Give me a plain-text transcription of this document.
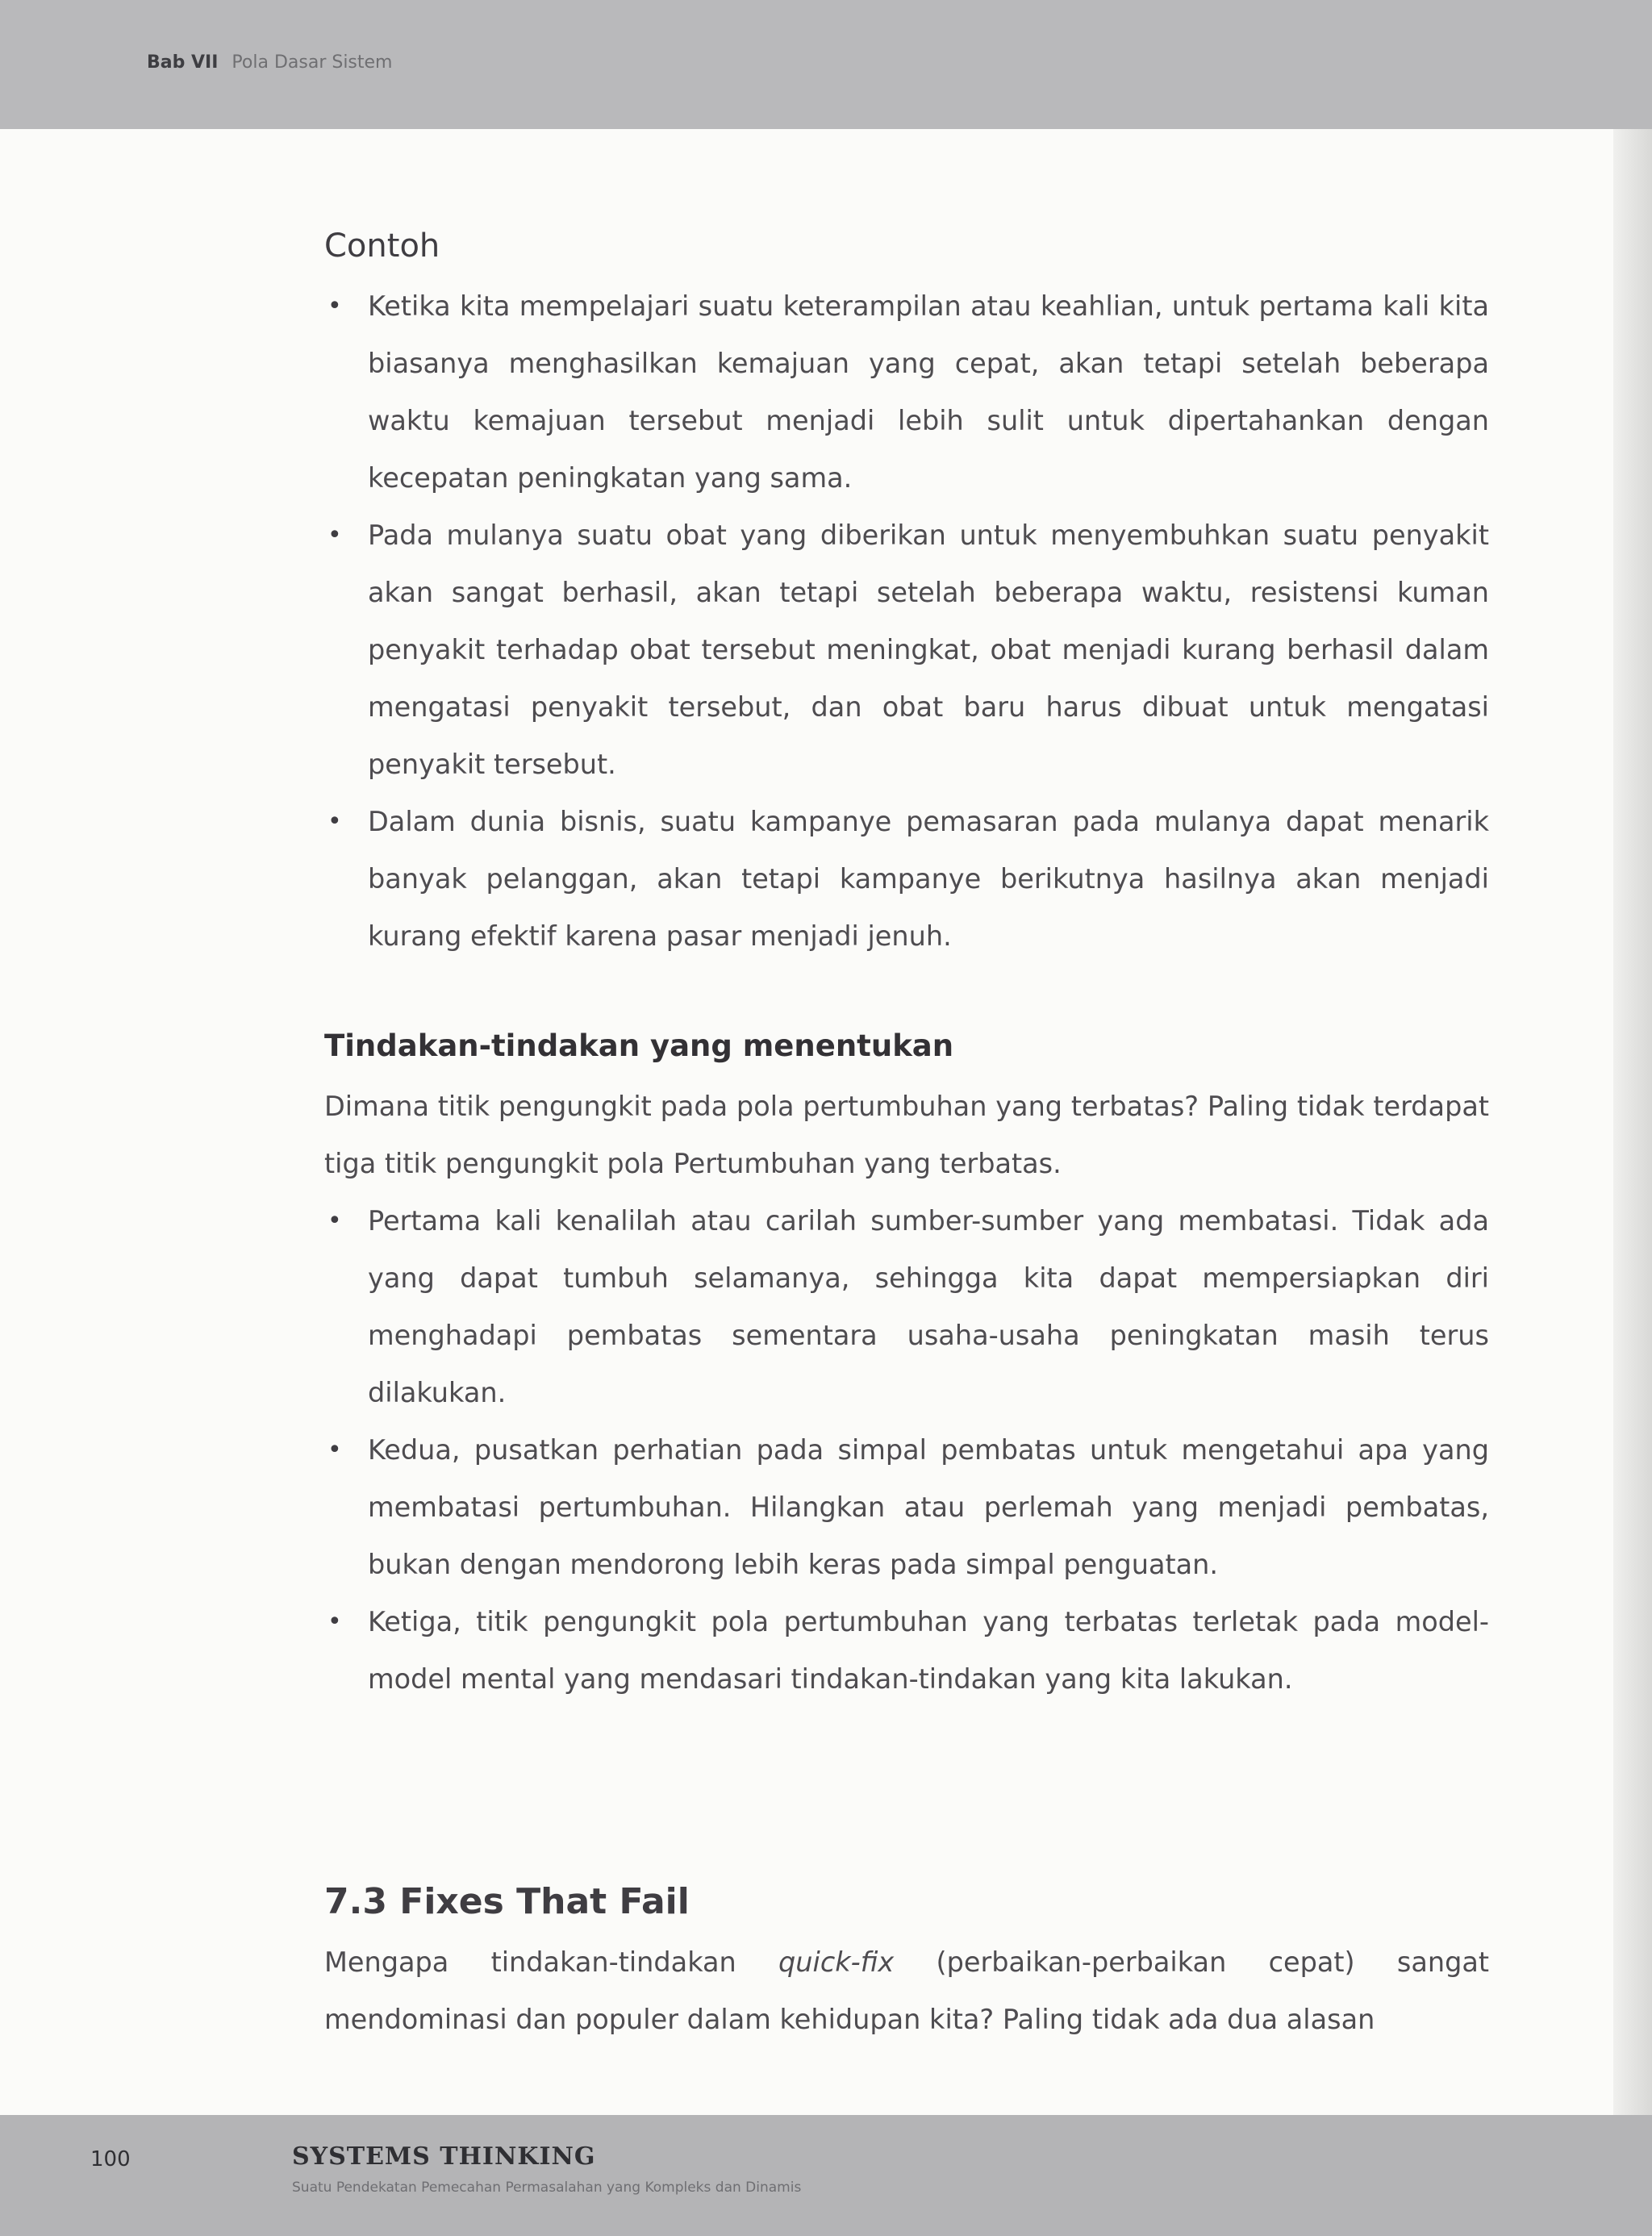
Bab VII Pola Dasar Sistem
Contoh
• Ketika kita mempelajari suatu keterampilan atau keahlian, untuk pertama kali kita biasanya menghasilkan kemajuan yang cepat, akan tetapi setelah beberapa waktu kemajuan tersebut menjadi lebih sulit untuk dipertahankan dengan kecepatan peningkatan yang sama.
• Pada mulanya suatu obat yang diberikan untuk menyembuhkan suatu penyakit akan sangat berhasil, akan tetapi setelah beberapa waktu, resistensi kuman penyakit terhadap obat tersebut meningkat, obat menjadi kurang berhasil dalam mengatasi penyakit tersebut, dan obat baru harus dibuat untuk mengatasi penyakit tersebut.
• Dalam dunia bisnis, suatu kampanye pemasaran pada mulanya dapat menarik banyak pelanggan, akan tetapi kampanye berikutnya hasilnya akan menjadi kurang efektif karena pasar menjadi jenuh.
Tindakan-tindakan yang menentukan

Dimana titik pengungkit pada pola pertumbuhan yang terbatas? Paling tidak terdapat tiga titik pengungkit pola Pertumbuhan yang terbatas.

• Pertama kali kenalilah atau carilah sumber-sumber yang membatasi. Tidak ada yang dapat tumbuh selamanya, sehingga kita dapat mempersiapkan diri menghadapi pembatas sementara usaha-usaha peningkatan masih terus dilakukan.
• Kedua, pusatkan perhatian pada simpal pembatas untuk mengetahui apa yang membatasi pertumbuhan. Hilangkan atau perlemah yang menjadi pembatas, bukan dengan mendorong lebih keras pada simpal penguatan.
• Ketiga, titik pengungkit pola pertumbuhan yang terbatas terletak pada model-model mental yang mendasari tindakan-tindakan yang kita lakukan.
7.3 Fixes That Fail

Mengapa tindakan-tindakan quick-fix (perbaikan-perbaikan cepat) sangat mendominasi dan populer dalam kehidupan kita? Paling tidak ada dua alasan

100	SYSTEMS THINKING
Suatu Pendekatan Pemecahan Permasalahan yang Kompleks dan Dinamis
